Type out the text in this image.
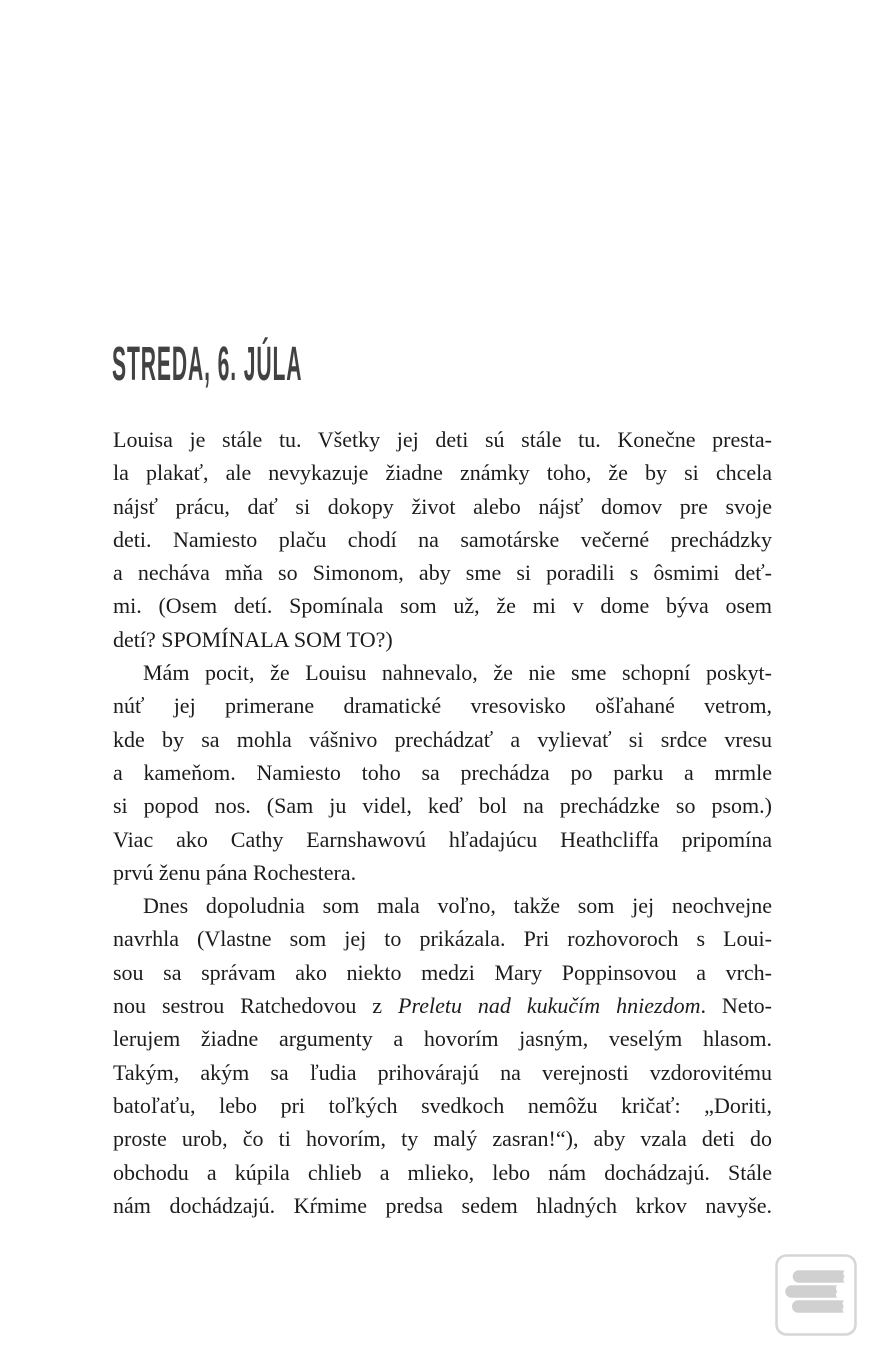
STREDA, 6. JÚLA
Louisa je stále tu. Všetky jej deti sú stále tu. Konečne presta-
la plakať, ale nevykazuje žiadne známky toho, že by si chcela
nájsť prácu, dať si dokopy život alebo nájsť domov pre svoje
deti. Namiesto plaču chodí na samotárske večerné prechádzky
a necháva mňa so Simonom, aby sme si poradili s ôsmimi deť-
mi. (Osem detí. Spomínala som už, že mi v dome býva osem
detí? SPOMÍNALA SOM TO?)
Mám pocit, že Louisu nahnevalo, že nie sme schopní poskyt-
núť jej primerane dramatické vresovisko ošľahané vetrom,
kde by sa mohla vášnivo prechádzať a vylievať si srdce vresu
a kameňom. Namiesto toho sa prechádza po parku a mrmle
si popod nos. (Sam ju videl, keď bol na prechádzke so psom.)
Viac ako Cathy Earnshawovú hľadajúcu Heathcliffa pripomína
prvú ženu pána Rochestera.
Dnes dopoludnia som mala voľno, takže som jej neochvejne
navrhla (Vlastne som jej to prikázala. Pri rozhovoroch s Loui-
sou sa správam ako niekto medzi Mary Poppinsovou a vrch-
nou sestrou Ratchedovou z Preletu nad kukučím hniezdom. Neto-
lerujem žiadne argumenty a hovorím jasným, veselým hlasom.
Takým, akým sa ľudia prihovárajú na verejnosti vzdorovitému
batoľaťu, lebo pri toľkých svedkoch nemôžu kričať: „Doriti,
proste urob, čo ti hovorím, ty malý zasran!“), aby vzala deti do
obchodu a kúpila chlieb a mlieko, lebo nám dochádzajú. Stále
nám dochádzajú. Kŕmime predsa sedem hladných krkov navyše.
